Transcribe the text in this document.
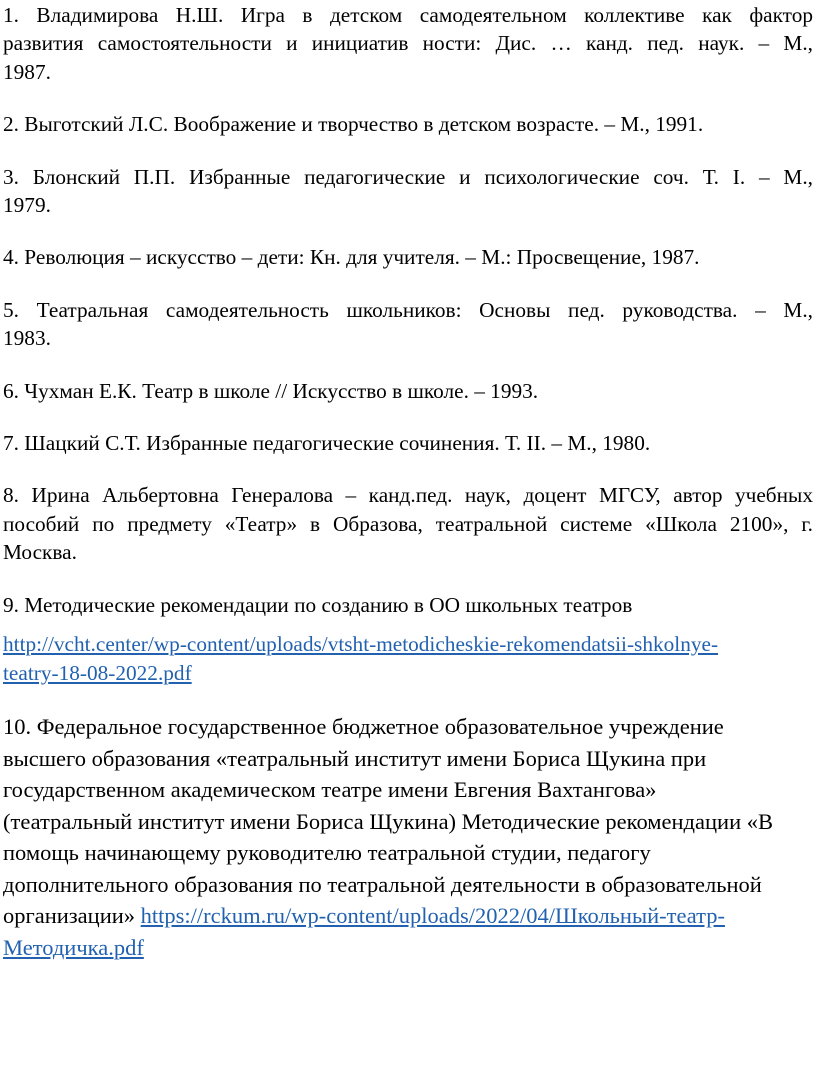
1. Владимирова Н.Ш. Игра в детском самодеятельном коллективе как фактор
развития самостоятельности и инициатив ности: Дис. … канд. пед. наук. – М.,
1987.

2. Выготский Л.С. Воображение и творчество в детском возрасте. – М., 1991.

3. Блонский П.П. Избранные педагогические и психологические соч. Т. I. – М.,
1979.

4. Революция – искусство – дети: Кн. для учителя. – М.: Просвещение, 1987.

5. Театральная самодеятельность школьников: Основы пед. руководства. – М.,
1983.

6. Чухман Е.К. Театр в школе // Искусство в школе. – 1993.

7. Шацкий С.Т. Избранные педагогические сочинения. Т. II. – М., 1980.

8. Ирина Альбертовна Генералова – канд.пед. наук, доцент МГСУ, автор учебных
пособий по предмету «Театр» в Образова, театральной системе «Школа 2100», г.
Москва.

9. Методические рекомендации по созданию в ОО школьных театров

http://vcht.center/wp-content/uploads/vtsht-metodicheskie-rekomendatsii-shkolnye-
teatry-18-08-2022.pdf

10. Федеральное государственное бюджетное образовательное учреждение
высшего образования «театральный институт имени Бориса Щукина при
государственном академическом театре имени Евгения Вахтангова»
(театральный институт имени Бориса Щукина) Методические рекомендации «В
помощь начинающему руководителю театральной студии, педагогу
дополнительного образования по театральной деятельности в образовательной
организации» https://rckum.ru/wp-content/uploads/2022/04/Школьный-театр-
Методичка.pdf
